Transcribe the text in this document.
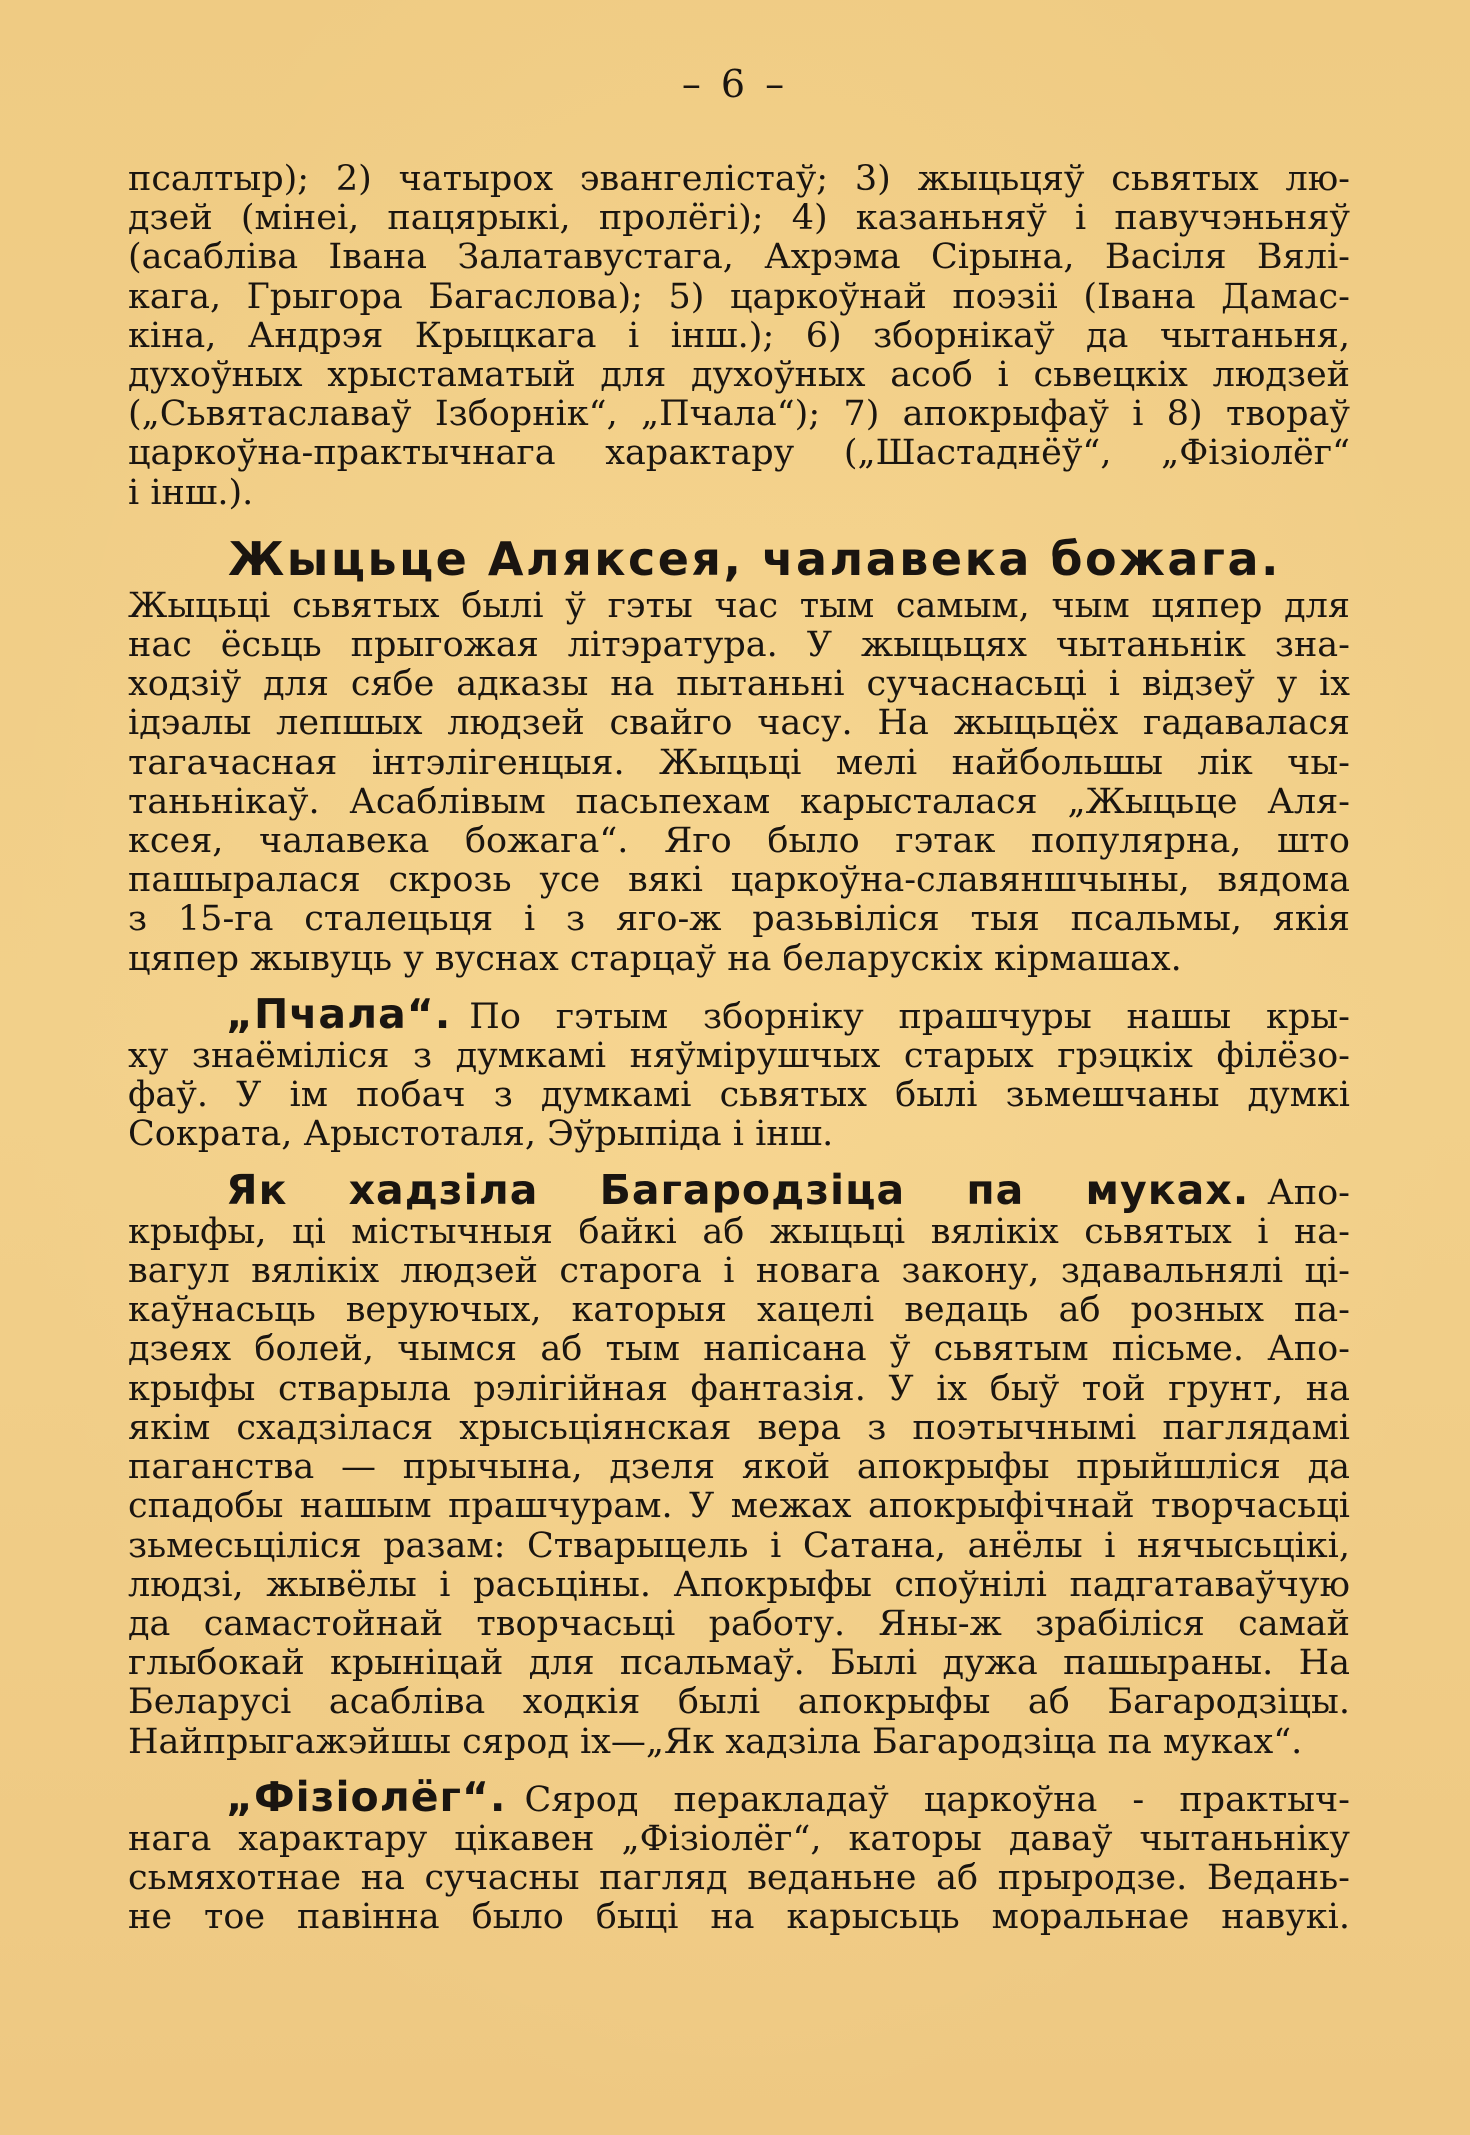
– 6 –
псалтыр); 2) чатырох эвангелістаў; 3) жыцьцяў сьвятых лю-
дзей (мінеі, пацярыкі, пролёгі); 4) казаньняў і павучэньняў
(асабліва Івана Залатавустага, Ахрэма Сірына, Васіля Вялі-
кага, Грыгора Багаслова); 5) царкоўнай поэзіі (Івана Дамас-
кіна, Андрэя Крыцкага і інш.); 6) зборнікаў да чытаньня,
духоўных хрыстаматый для духоўных асоб і сьвецкіх людзей
(„Сьвятаславаў Ізборнік“, „Пчала“); 7) апокрыфаў і 8) твораў
царкоўна-практычнага характару („Шастаднёў“, „Фізіолёг“
і інш.).
Жыцьце Аляксея, чалавека божага.
Жыцьці сьвятых былі ў гэты час тым самым, чым цяпер для
нас ёсьць прыгожая літэратура. У жыцьцях чытаньнік зна-
ходзіў для сябе адказы на пытаньні сучаснасьці і відзеў у іх
ідэалы лепшых людзей свайго часу. На жыцьцёх гадавалася
тагачасная інтэлігенцыя. Жыцьці мелі найбольшы лік чы-
таньнікаў. Асаблівым пасьпехам карысталася „Жыцьце Аля-
ксея, чалавека божага“. Яго было гэтак популярна, што
пашыралася скрозь усе вякі царкоўна-славяншчыны, вядома
з 15-га сталецьця і з яго-ж разьвіліся тыя псальмы, якія
цяпер жывуць у вуснах старцаў на беларускіх кірмашах.
„Пчала“. По гэтым зборніку прашчуры нашы кры-
ху знаёміліся з думкамі няўмірушчых старых грэцкіх філёзо-
фаў. У ім побач з думкамі сьвятых былі зьмешчаны думкі
Сократа, Арыстоталя, Эўрыпіда і інш.
Як хадзіла Багародзіца па муках. Апо-
крыфы, ці містычныя байкі аб жыцьці вялікіх сьвятых і на-
вагул вялікіх людзей старога і новага закону, здавальнялі ці-
каўнасьць веруючых, каторыя хацелі ведаць аб розных па-
дзеях болей, чымся аб тым напісана ў сьвятым пісьме. Апо-
крыфы стварыла рэлігійная фантазія. У іх быў той грунт, на
якім схадзілася хрысьціянская вера з поэтычнымі паглядамі
паганства — прычына, дзеля якой апокрыфы прыйшліся да
спадобы нашым прашчурам. У межах апокрыфічнай творчасьці
зьмесьціліся разам: Стварыцель і Сатана, анёлы і нячысьцікі,
людзі, жывёлы і расьціны. Апокрыфы споўнілі падгатаваўчую
да самастойнай творчасьці работу. Яны-ж зрабіліся самай
глыбокай крыніцай для псальмаў. Былі дужа пашыраны. На
Беларусі асабліва ходкія былі апокрыфы аб Багародзіцы.
Найпрыгажэйшы сярод іх—„Як хадзіла Багародзіца па муках“.
„Фізіолёг“. Сярод перакладаў царкоўна - практыч-
нага характару цікавен „Фізіолёг“, каторы даваў чытаньніку
сьмяхотнае на сучасны пагляд веданьне аб прыродзе. Ведань-
не тое павінна было быці на карысьць моральнае навукі.
